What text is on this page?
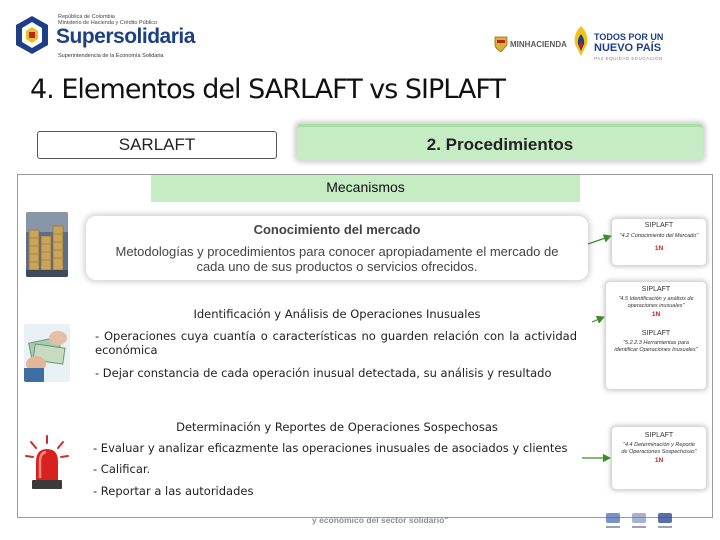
República de Colombia
Ministerio de Hacienda y Crédito Público
Supersolidaria
Superintendencia de la Economía Solidaria
MINHACIENDA
TODOS POR UN
NUEVO PAÍS
PAZ EQUIDAD EDUCACIÓN
4. Elementos del SARLAFT vs SIPLAFT
SARLAFT	2. Procedimientos
Mecanismos
Conocimiento del mercado
Metodologías y procedimientos para conocer apropiadamente el mercado de cada uno de sus productos o servicios ofrecidos.
Identificación y Análisis de Operaciones Inusuales
- Operaciones cuya cuantía o características no guarden relación con la actividad económica
- Dejar constancia de cada operación inusual detectada, su análisis y resultado
Determinación y Reportes de Operaciones Sospechosas
- Evaluar y analizar eficazmente las operaciones inusuales de asociados y clientes
- Calificar.
- Reportar a las autoridades
SIPLAFT
"4.2 Conocimiento del Mercado"
1N
SIPLAFT
"4.5 Identificación y análisis de operaciones inusuales"
1N
SIPLAFT
"5.2.2.3 Herramientas para identificar Operaciones Inusuales"
SIPLAFT
"4.4 Determinación y Reporte de Operaciones Sospechosas"
1N
y económico del sector solidario"
